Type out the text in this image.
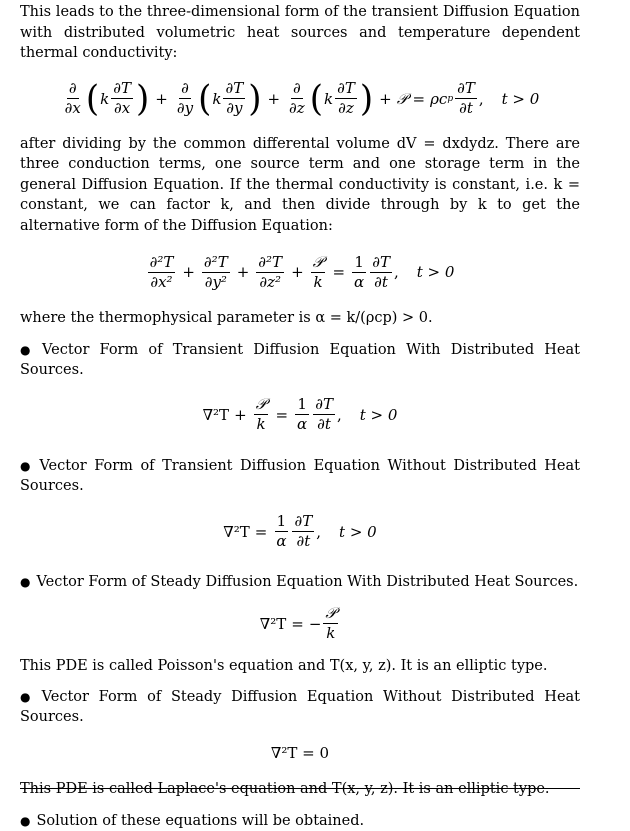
This leads to the three-dimensional form of the transient Diffusion Equation with distributed volumetric heat sources and temperature dependent thermal conductivity:

$\frac{\partial}{\partial x}$ ( k $\frac{\partial T}{\partial x}$ ) + $\frac{\partial}{\partial y}$ ( k $\frac{\partial T}{\partial y}$ ) + $\frac{\partial}{\partial z}$ ( k $\frac{\partial T}{\partial z}$ ) + 𝒫 = ρc p $\frac{\partial T}{\partial t}$ , t > 0

after dividing by the common differental volume dV = dxdydz. There are three conduction terms, one source term and one storage term in the general Diffusion Equation. If the thermal conductivity is constant, i.e. k = constant, we can factor k, and then divide through by k to get the alternative form of the Diffusion Equation:

$\frac{\text{∂²T}}{\text{∂x²}} + \frac{\text{∂²T}}{\text{∂y²}} + \frac{\text{∂²T}}{\text{∂z²}} + \frac{\text{𝒫}}{k} = \frac{1}{\alpha} \frac{\partial T}{\partial t}$ , t > 0

where the thermophysical parameter is α = k/(ρcp) > 0.

● Vector Form of Transient Diffusion Equation With Distributed Heat Sources.

$\nabla^2T + \frac{\text{𝒫}}{k} = \frac{1}{\alpha} \frac{\partial T}{\partial t}$ , t > 0

● Vector Form of Transient Diffusion Equation Without Distributed Heat Sources.

$\nabla^2T = \frac{1}{\alpha} \frac{\partial T}{\partial t}$ , t > 0

● Vector Form of Steady Diffusion Equation With Distributed Heat Sources.

∇²T = − $\frac{\text{𝒫}}{k}$

This PDE is called Poisson's equation and T(x, y, z). It is an elliptic type.

● Vector Form of Steady Diffusion Equation Without Distributed Heat Sources.

∇²T = 0

This PDE is called Laplace's equation and T(x, y, z). It is an elliptic type.

● Solution of these equations will be obtained.
